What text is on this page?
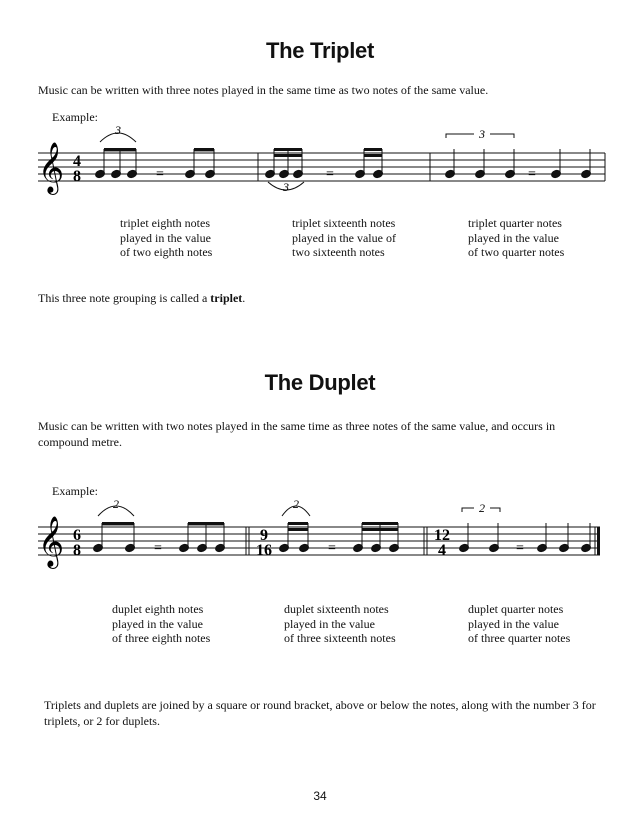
The Triplet

Music can be written with three notes played in the same time as two notes of the same value.

Example:
𝄞 4
8
3
=
3
=
3
=
triplet eighth notes
played in the value
of two eighth notes
triplet sixteenth notes
played in the value of
two sixteenth notes
triplet quarter notes
played in the value
of two quarter notes

This three note grouping is called a triplet.

The Duplet

Music can be written with two notes played in the same time as three notes of the same value, and occurs in compound metre.

Example:
𝄞 6
8
9
16
12
4
2
=
2
=
2
=
duplet eighth notes
played in the value
of three eighth notes
duplet sixteenth notes
played in the value
of three sixteenth notes
duplet quarter notes
played in the value
of three quarter notes

Triplets and duplets are joined by a square or round bracket, above or below the notes, along with the number 3 for triplets, or 2 for duplets.

34
